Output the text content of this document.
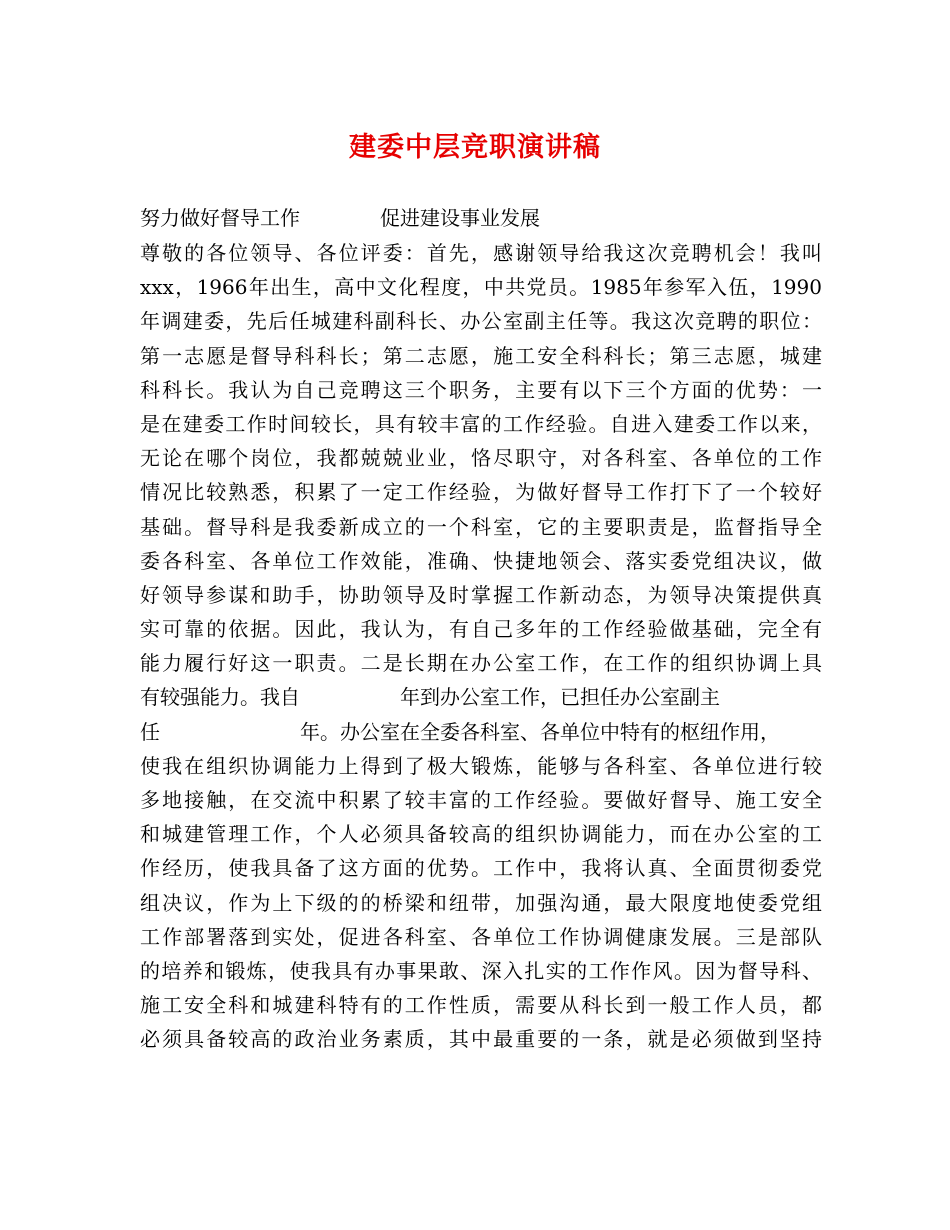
建委中层竞职演讲稿
努力做好督导工作　　　　促进建设事业发展
尊敬的各位领导、各位评委：首先，感谢领导给我这次竞聘机会！我叫
xxx，1966年出生，高中文化程度，中共党员。1985年参军入伍，1990
年调建委，先后任城建科副科长、办公室副主任等。我这次竞聘的职位：
第一志愿是督导科科长；第二志愿，施工安全科科长；第三志愿，城建
科科长。我认为自己竞聘这三个职务，主要有以下三个方面的优势：一
是在建委工作时间较长，具有较丰富的工作经验。自进入建委工作以来，
无论在哪个岗位，我都兢兢业业，恪尽职守，对各科室、各单位的工作
情况比较熟悉，积累了一定工作经验，为做好督导工作打下了一个较好
基础。督导科是我委新成立的一个科室，它的主要职责是，监督指导全
委各科室、各单位工作效能，准确、快捷地领会、落实委党组决议，做
好领导参谋和助手，协助领导及时掌握工作新动态，为领导决策提供真
实可靠的依据。因此，我认为，有自己多年的工作经验做基础，完全有
能力履行好这一职责。二是长期在办公室工作，在工作的组织协调上具
有较强能力。我自　　　　　年到办公室工作，已担任办公室副主
任　　　　　　　年。办公室在全委各科室、各单位中特有的枢纽作用，
使我在组织协调能力上得到了极大锻炼，能够与各科室、各单位进行较
多地接触，在交流中积累了较丰富的工作经验。要做好督导、施工安全
和城建管理工作，个人必须具备较高的组织协调能力，而在办公室的工
作经历，使我具备了这方面的优势。工作中，我将认真、全面贯彻委党
组决议，作为上下级的的桥梁和纽带，加强沟通，最大限度地使委党组
工作部署落到实处，促进各科室、各单位工作协调健康发展。三是部队
的培养和锻炼，使我具有办事果敢、深入扎实的工作作风。因为督导科、
施工安全科和城建科特有的工作性质，需要从科长到一般工作人员，都
必须具备较高的政治业务素质，其中最重要的一条，就是必须做到坚持
